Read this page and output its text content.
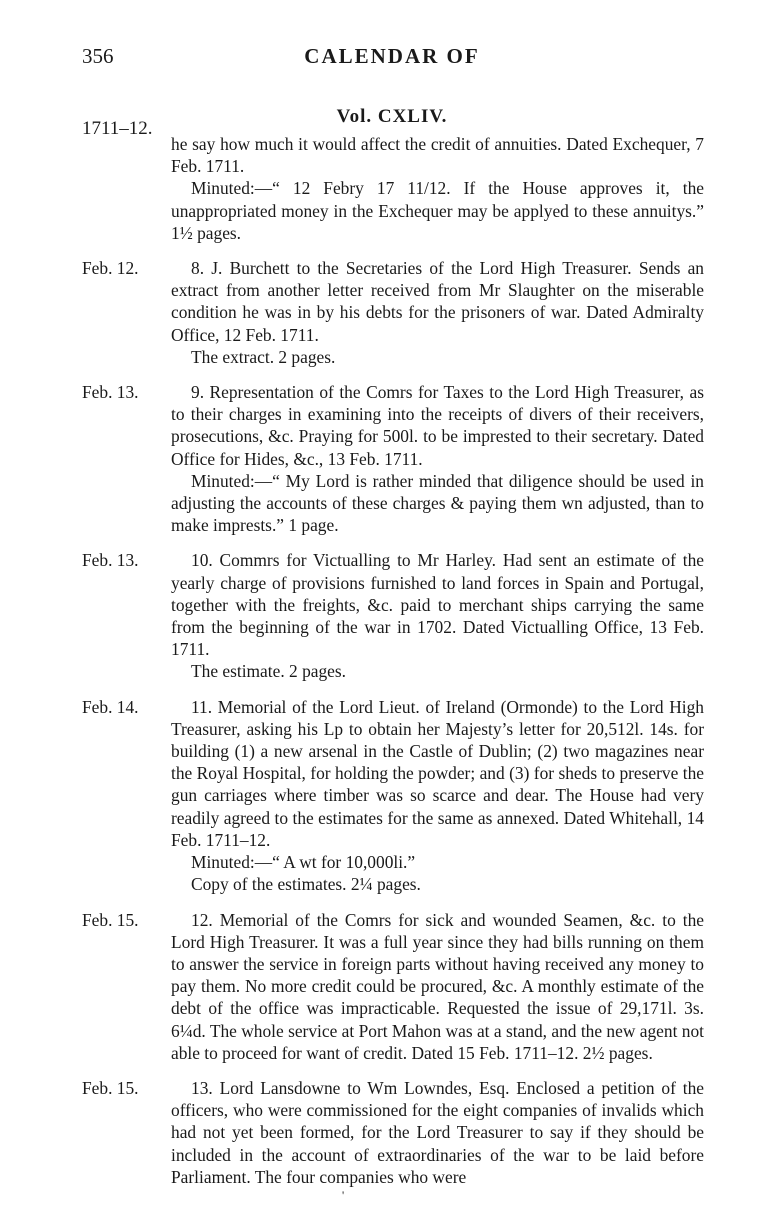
356	CALENDAR OF
1711–12.
Vol. CXLIV.

he say how much it would affect the credit of annuities. Dated Exchequer, 7 Feb. 1711.

Minuted:—“ 12 Febry 17 11/12. If the House approves it, the unappropriated money in the Exchequer may be applyed to these annuitys.” 1½ pages.

Feb. 12.	8. J. Burchett to the Secretaries of the Lord High Treasurer. Sends an extract from another letter received from Mr Slaughter on the miserable condition he was in by his debts for the prisoners of war. Dated Admiralty Office, 12 Feb. 1711.

The extract. 2 pages.

Feb. 13.	9. Representation of the Comrs for Taxes to the Lord High Treasurer, as to their charges in examining into the receipts of divers of their receivers, prosecutions, &c. Praying for 500l. to be imprested to their secretary. Dated Office for Hides, &c., 13 Feb. 1711.

Minuted:—“ My Lord is rather minded that diligence should be used in adjusting the accounts of these charges & paying them wn adjusted, than to make imprests.” 1 page.

Feb. 13.	10. Commrs for Victualling to Mr Harley. Had sent an estimate of the yearly charge of provisions furnished to land forces in Spain and Portugal, together with the freights, &c. paid to merchant ships carrying the same from the beginning of the war in 1702. Dated Victualling Office, 13 Feb. 1711.

The estimate. 2 pages.

Feb. 14.	11. Memorial of the Lord Lieut. of Ireland (Ormonde) to the Lord High Treasurer, asking his Lp to obtain her Majesty’s letter for 20,512l. 14s. for building (1) a new arsenal in the Castle of Dublin; (2) two magazines near the Royal Hospital, for holding the powder; and (3) for sheds to preserve the gun carriages where timber was so scarce and dear. The House had very readily agreed to the estimates for the same as annexed. Dated Whitehall, 14 Feb. 1711–12.

Minuted:—“ A wt for 10,000li.”

Copy of the estimates. 2¼ pages.

Feb. 15.	12. Memorial of the Comrs for sick and wounded Seamen, &c. to the Lord High Treasurer. It was a full year since they had bills running on them to answer the service in foreign parts without having received any money to pay them. No more credit could be procured, &c. A monthly estimate of the debt of the office was impracticable. Requested the issue of 29,171l. 3s. 6¼d. The whole service at Port Mahon was at a stand, and the new agent not able to proceed for want of credit. Dated 15 Feb. 1711–12. 2½ pages.

Feb. 15.	13. Lord Lansdowne to Wm Lowndes, Esq. Enclosed a petition of the officers, who were commissioned for the eight companies of invalids which had not yet been formed, for the Lord Treasurer to say if they should be included in the account of extraordinaries of the war to be laid before Parliament. The four companies who were

'
